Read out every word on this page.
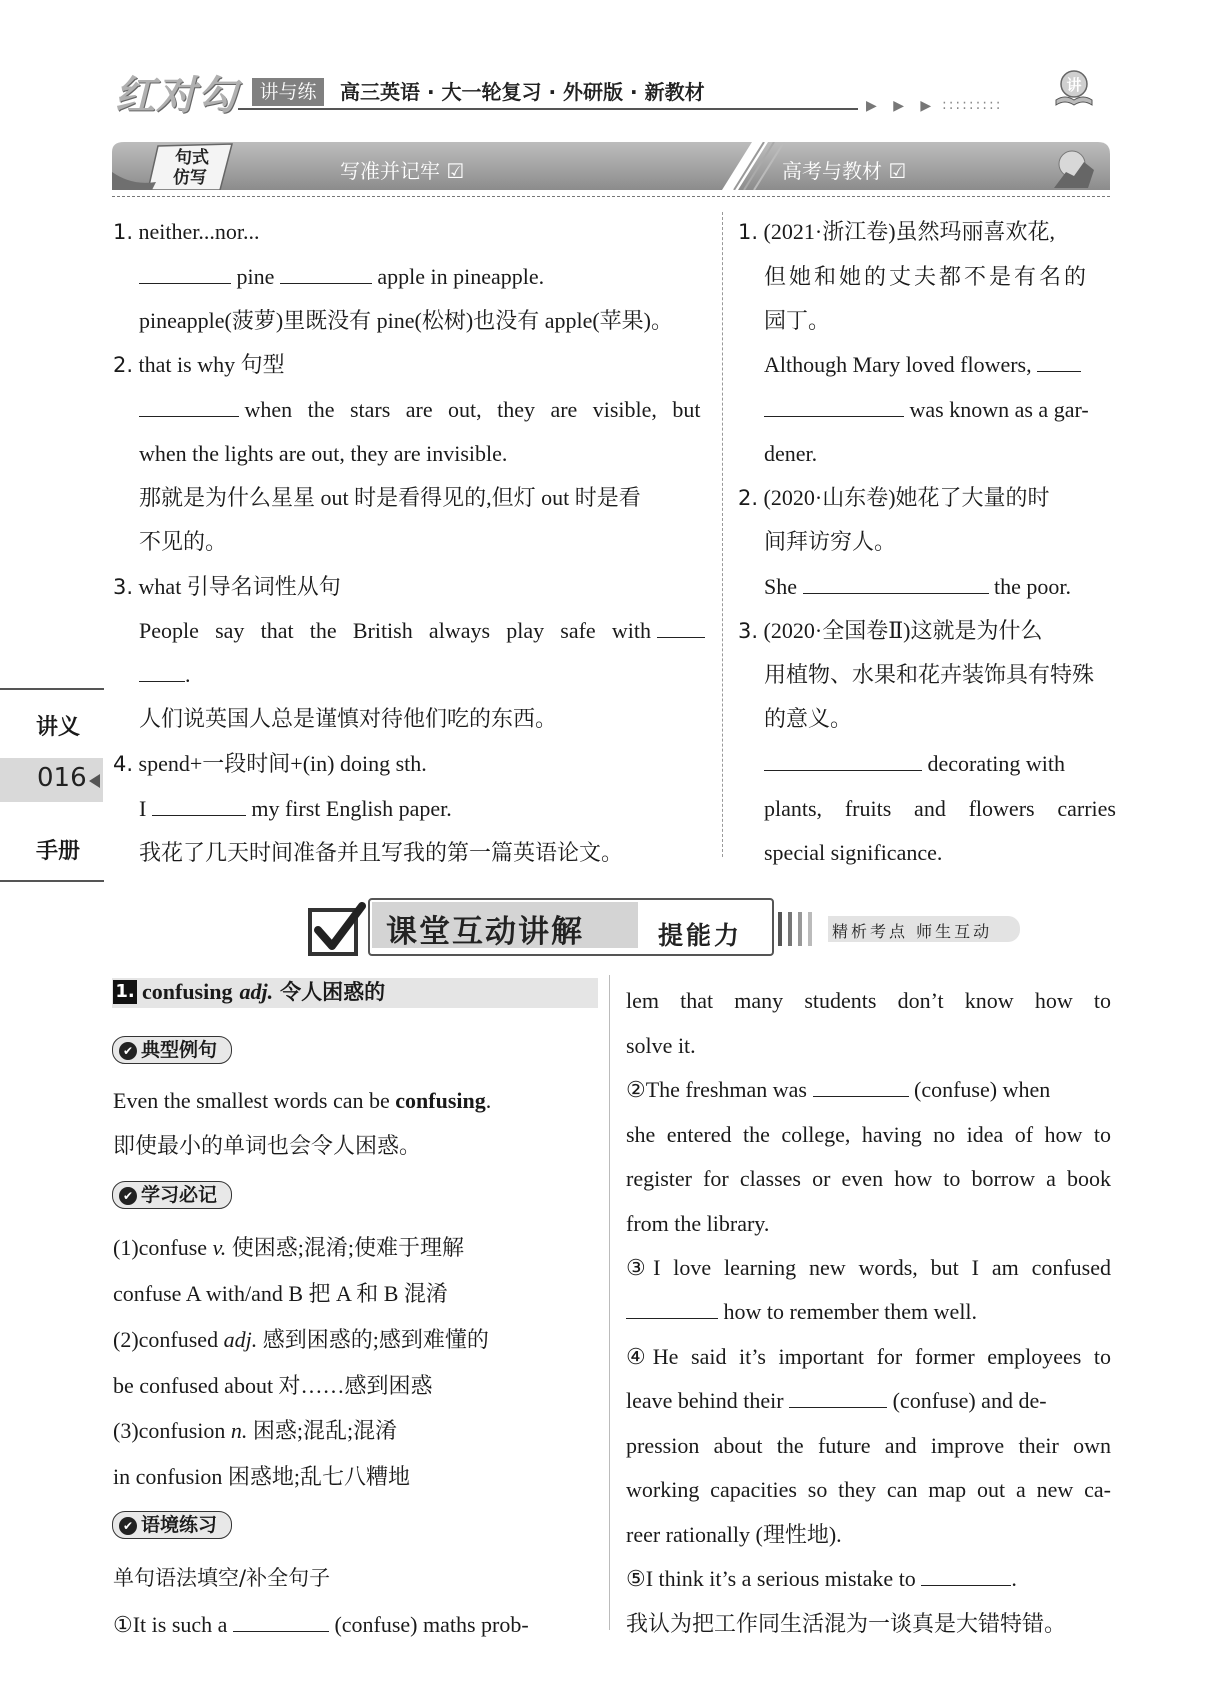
红对勾	讲与练	高三英语 · 大一轮复习 · 外研版 · 新教材
▶ ▶ ▶ :::::::::
讲
句式
仿写	写准并记牢 ☑	高考与教材 ☑
1. neither...nor...
pine	apple in pineapple.
pineapple(菠萝)里既没有 pine(松树)也没有 apple(苹果)。
2. that is why 句型
when the stars are out, they are visible, but
when the lights are out, they are invisible.
那就是为什么星星 out 时是看得见的,但灯 out 时是看
不见的。
3. what 引导名词性从句
People say that the British always play safe with
.
人们说英国人总是谨慎对待他们吃的东西。
4. spend+一段时间+(in) doing sth.
I	my first English paper.
我花了几天时间准备并且写我的第一篇英语论文。
1. (2021·浙江卷)虽然玛丽喜欢花,
但她和她的丈夫都不是有名的
园丁。
Although Mary loved flowers,
was known as a gar-
dener.
2. (2020·山东卷)她花了大量的时
间拜访穷人。
She	the poor.
3. (2020·全国卷Ⅱ)这就是为什么
用植物、水果和花卉装饰具有特殊
的意义。
decorating with
plants, fruits and flowers carries
special significance.
讲义
016
手册
课堂互动讲解	提能力	精析考点 师生互动
1. confusing adj. 令人困惑的
✔ 典型例句
Even the smallest words can be confusing.
即使最小的单词也会令人困惑。
✔ 学习必记
(1)confuse v. 使困惑;混淆;使难于理解
confuse A with/and B 把 A 和 B 混淆
(2)confused adj. 感到困惑的;感到难懂的
be confused about 对……感到困惑
(3)confusion n. 困惑;混乱;混淆
in confusion 困惑地;乱七八糟地
✔ 语境练习
单句语法填空/补全句子
①It is such a	(confuse) maths prob-
lem that many students don’t know how to
solve it.
②The freshman was	(confuse) when
she entered the college, having no idea of how to
register for classes or even how to borrow a book
from the library.
③I love learning new words, but I am confused
how to remember them well.
④He said it’s important for former employees to
leave behind their	(confuse) and de-
pression about the future and improve their own
working capacities so they can map out a new ca-
reer rationally (理性地).
⑤I think it’s a serious mistake to	.
我认为把工作同生活混为一谈真是大错特错。
